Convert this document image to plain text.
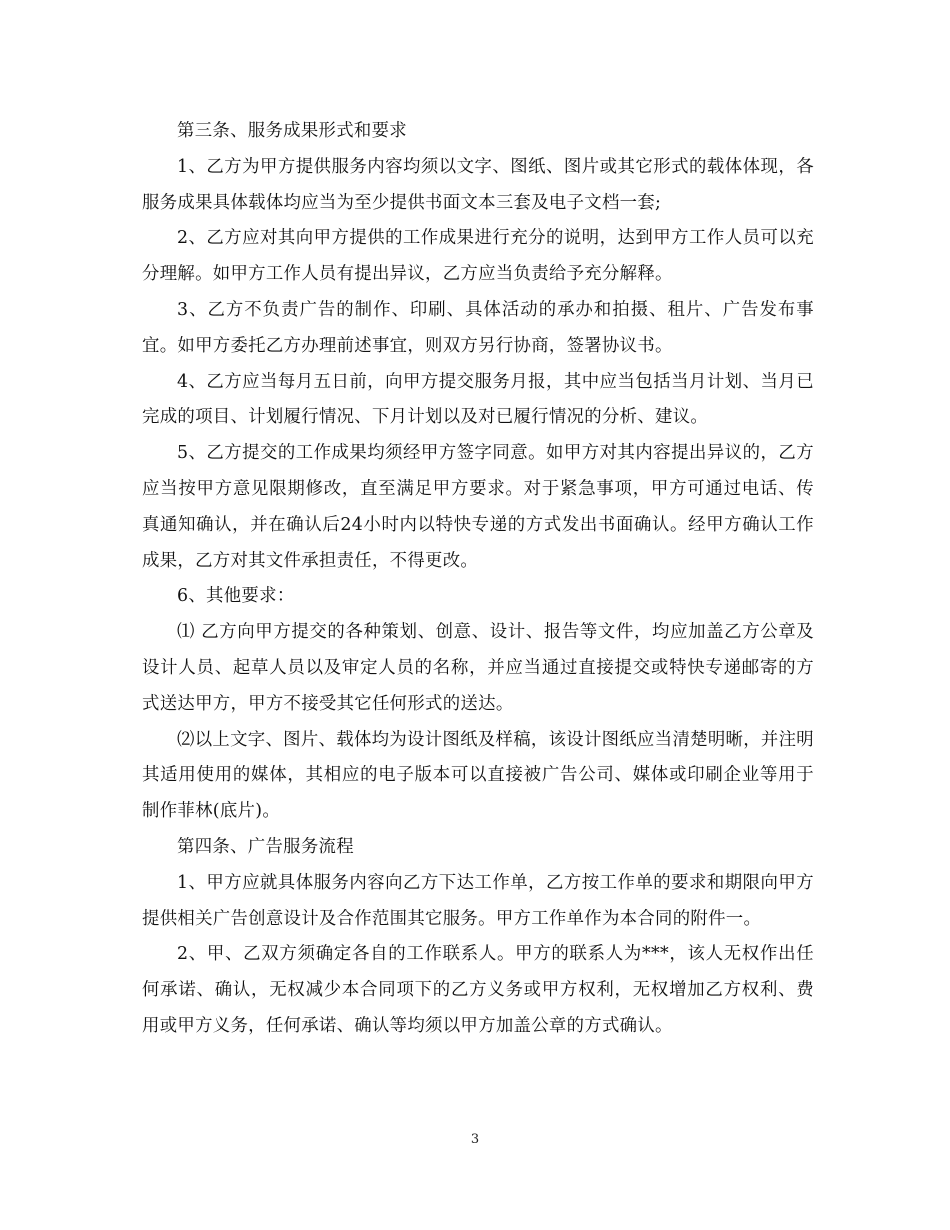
第三条、服务成果形式和要求

1、乙方为甲方提供服务内容均须以文字、图纸、图片或其它形式的载体体现，各服务成果具体载体均应当为至少提供书面文本三套及电子文档一套;

2、乙方应对其向甲方提供的工作成果进行充分的说明，达到甲方工作人员可以充分理解。如甲方工作人员有提出异议，乙方应当负责给予充分解释。

3、乙方不负责广告的制作、印刷、具体活动的承办和拍摄、租片、广告发布事宜。如甲方委托乙方办理前述事宜，则双方另行协商，签署协议书。

4、乙方应当每月五日前，向甲方提交服务月报，其中应当包括当月计划、当月已完成的项目、计划履行情况、下月计划以及对已履行情况的分析、建议。

5、乙方提交的工作成果均须经甲方签字同意。如甲方对其内容提出异议的，乙方应当按甲方意见限期修改，直至满足甲方要求。对于紧急事项，甲方可通过电话、传真通知确认，并在确认后24小时内以特快专递的方式发出书面确认。经甲方确认工作成果，乙方对其文件承担责任，不得更改。

6、其他要求：

⑴ 乙方向甲方提交的各种策划、创意、设计、报告等文件，均应加盖乙方公章及设计人员、起草人员以及审定人员的名称，并应当通过直接提交或特快专递邮寄的方式送达甲方，甲方不接受其它任何形式的送达。

⑵以上文字、图片、载体均为设计图纸及样稿，该设计图纸应当清楚明晰，并注明其适用使用的媒体，其相应的电子版本可以直接被广告公司、媒体或印刷企业等用于制作菲林(底片)。

第四条、广告服务流程

1、甲方应就具体服务内容向乙方下达工作单，乙方按工作单的要求和期限向甲方提供相关广告创意设计及合作范围其它服务。甲方工作单作为本合同的附件一。

2、甲、乙双方须确定各自的工作联系人。甲方的联系人为***，该人无权作出任何承诺、确认，无权减少本合同项下的乙方义务或甲方权利，无权增加乙方权利、费用或甲方义务，任何承诺、确认等均须以甲方加盖公章的方式确认。

3
